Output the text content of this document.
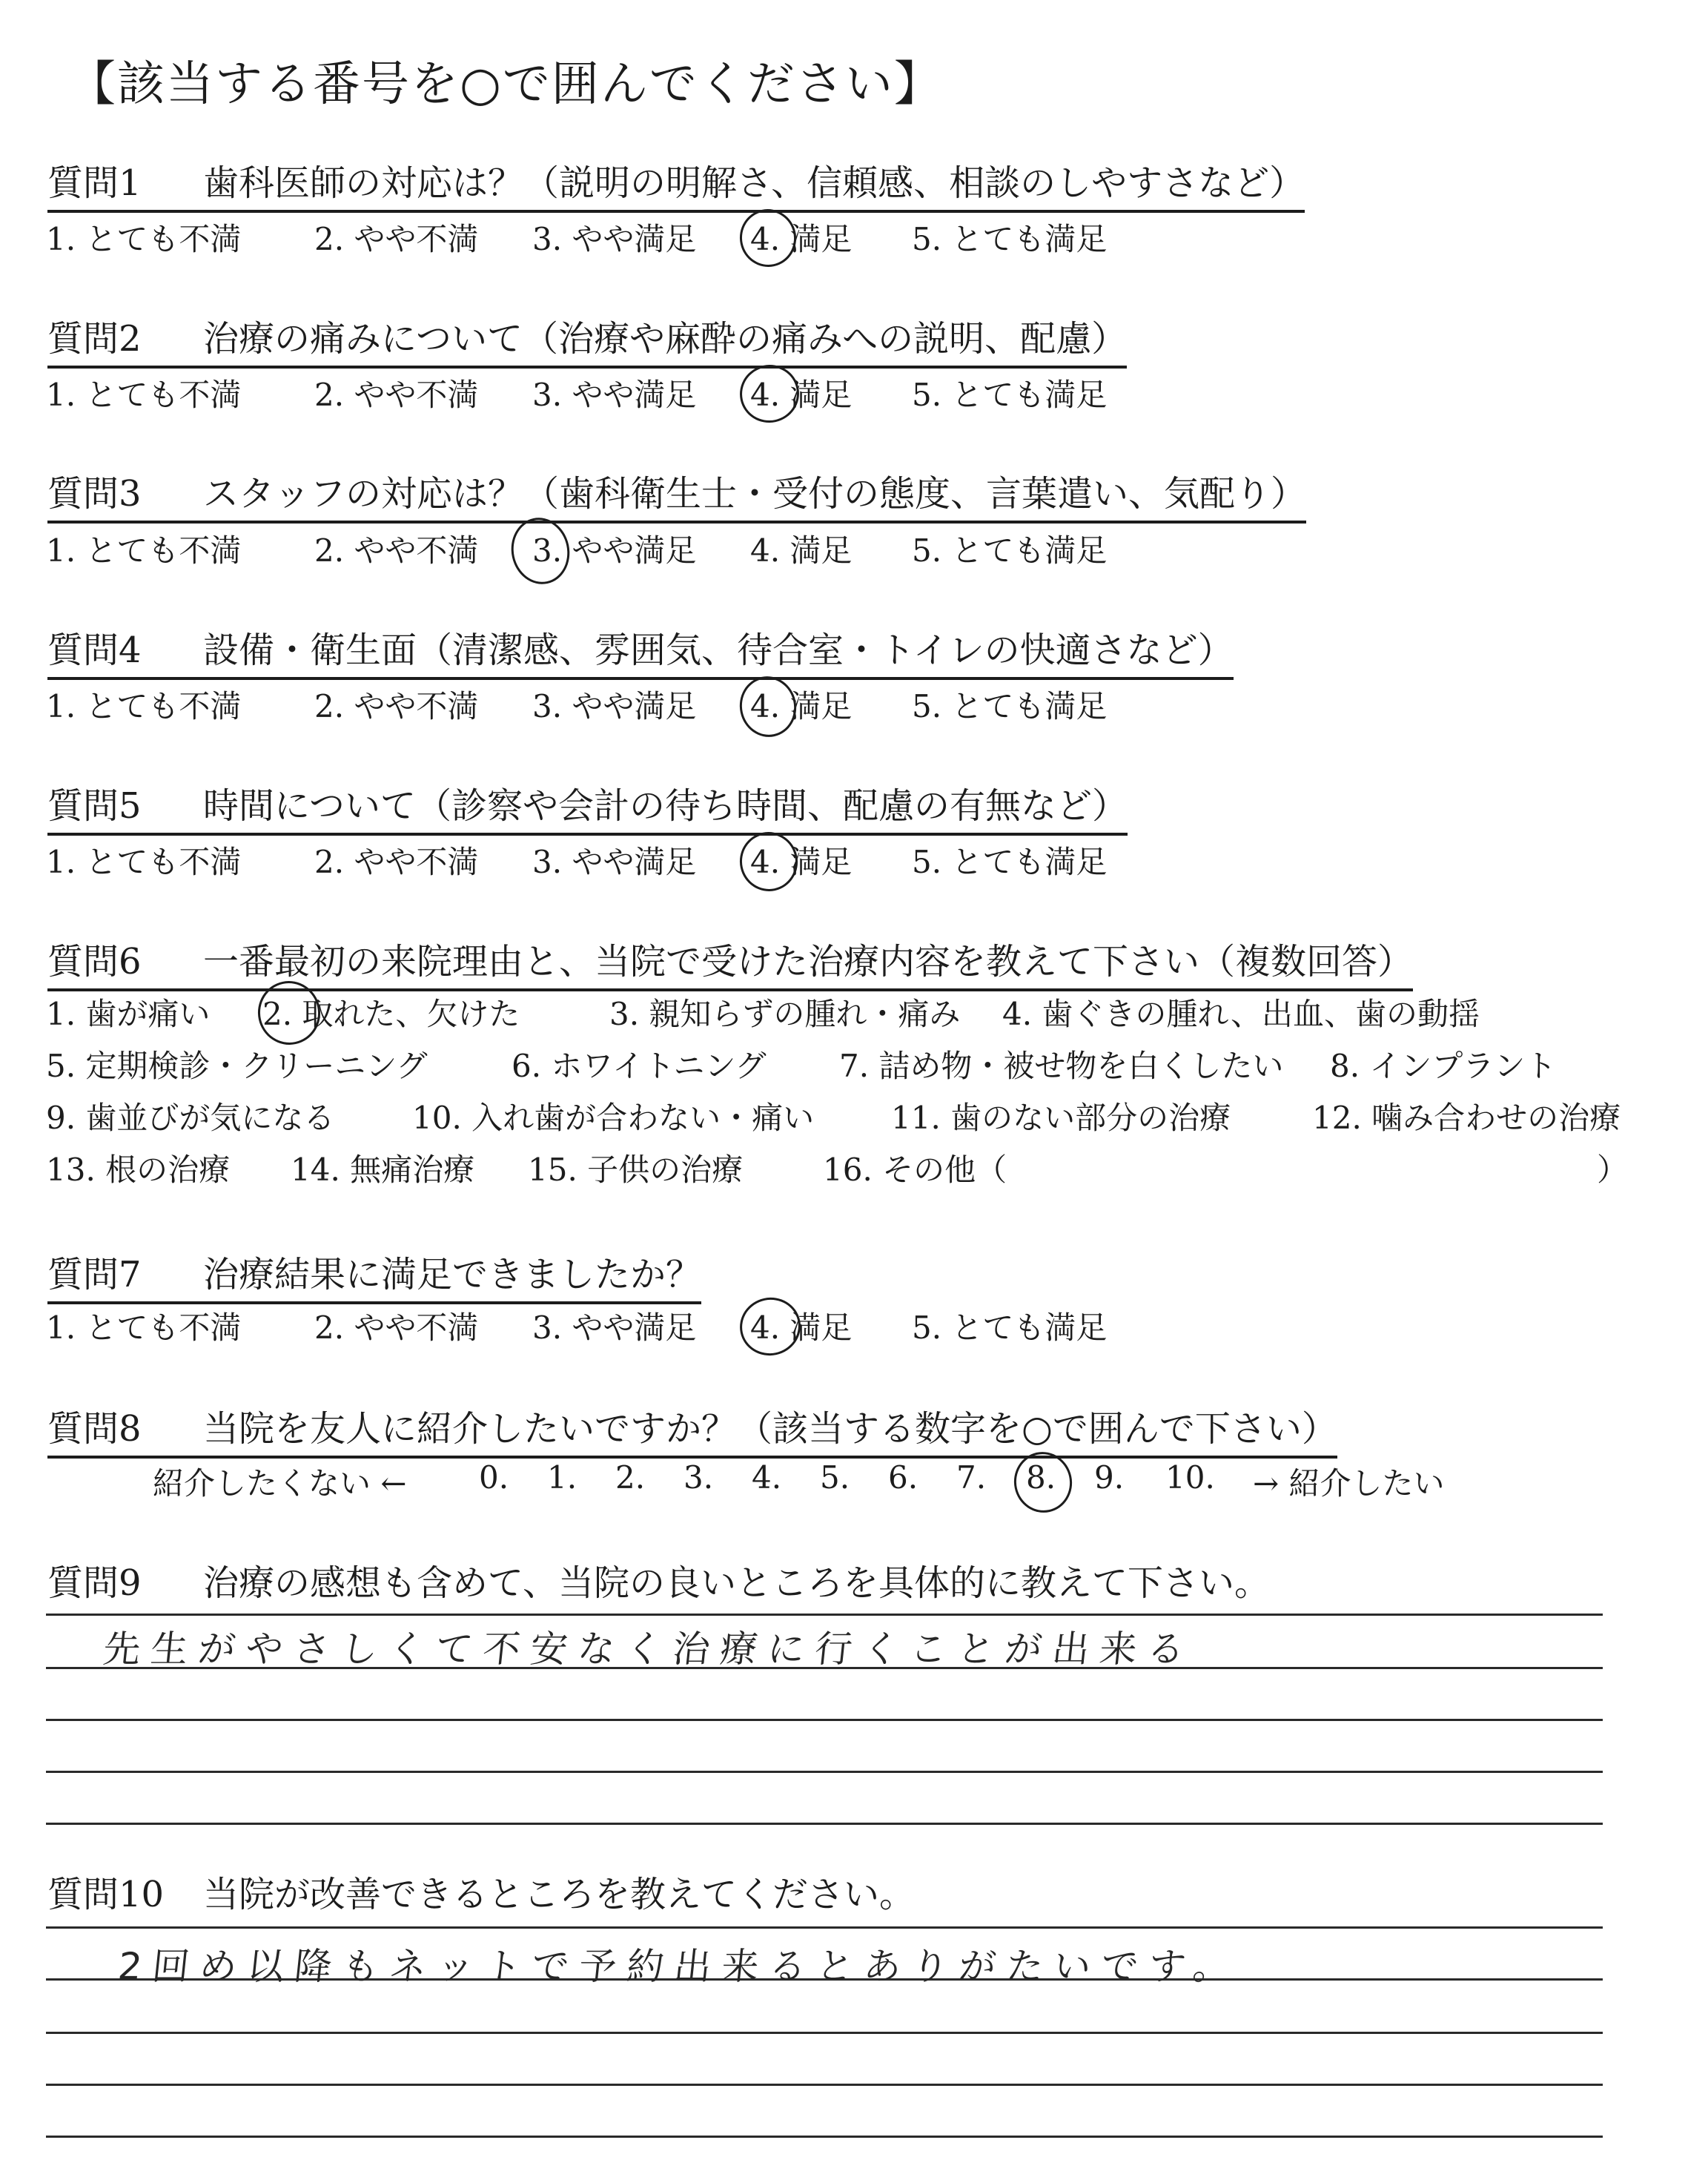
【該当する番号を○で囲んでください】
質問1 歯科医師の対応は？（説明の明解さ、信頼感、相談のしやすさなど）
1. とても不満 2. やや不満 3. やや満足 4. 満足 5. とても満足
質問2 治療の痛みについて（治療や麻酔の痛みへの説明、配慮）
1. とても不満 2. やや不満 3. やや満足 4. 満足 5. とても満足
質問3 スタッフの対応は？（歯科衛生士・受付の態度、言葉遣い、気配り）
1. とても不満 2. やや不満 3. やや満足 4. 満足 5. とても満足
質問4 設備・衛生面（清潔感、雰囲気、待合室・トイレの快適さなど）
1. とても不満 2. やや不満 3. やや満足 4. 満足 5. とても満足
質問5 時間について（診察や会計の待ち時間、配慮の有無など）
1. とても不満 2. やや不満 3. やや満足 4. 満足 5. とても満足
質問6 一番最初の来院理由と、当院で受けた治療内容を教えて下さい（複数回答）
1. 歯が痛い 2. 取れた、欠けた	3. 親知らずの腫れ・痛み 4. 歯ぐきの腫れ、出血、歯の動揺
5. 定期検診・クリーニング	6. ホワイトニング 7. 詰め物・被せ物を白くしたい 8. インプラント
9. 歯並びが気になる 10. 入れ歯が合わない・痛い 11. 歯のない部分の治療	12. 噛み合わせの治療
13. 根の治療 14. 無痛治療 15. 子供の治療	16. その他（	）
質問7 治療結果に満足できましたか？
1. とても不満 2. やや不満 3. やや満足 4. 満足 5. とても満足
質問8 当院を友人に紹介したいですか？（該当する数字を○で囲んで下さい）
紹介したくない ← 0. 1. 2. 3. 4. 5. 6. 7. 8. 9. 10. → 紹介したい
質問9 治療の感想も含めて、当院の良いところを具体的に教えて下さい。
先生がやさしくて不安なく治療に行くことが出来る
質問10 当院が改善できるところを教えてください。
2回め以降もネットで予約出来るとありがたいです。
